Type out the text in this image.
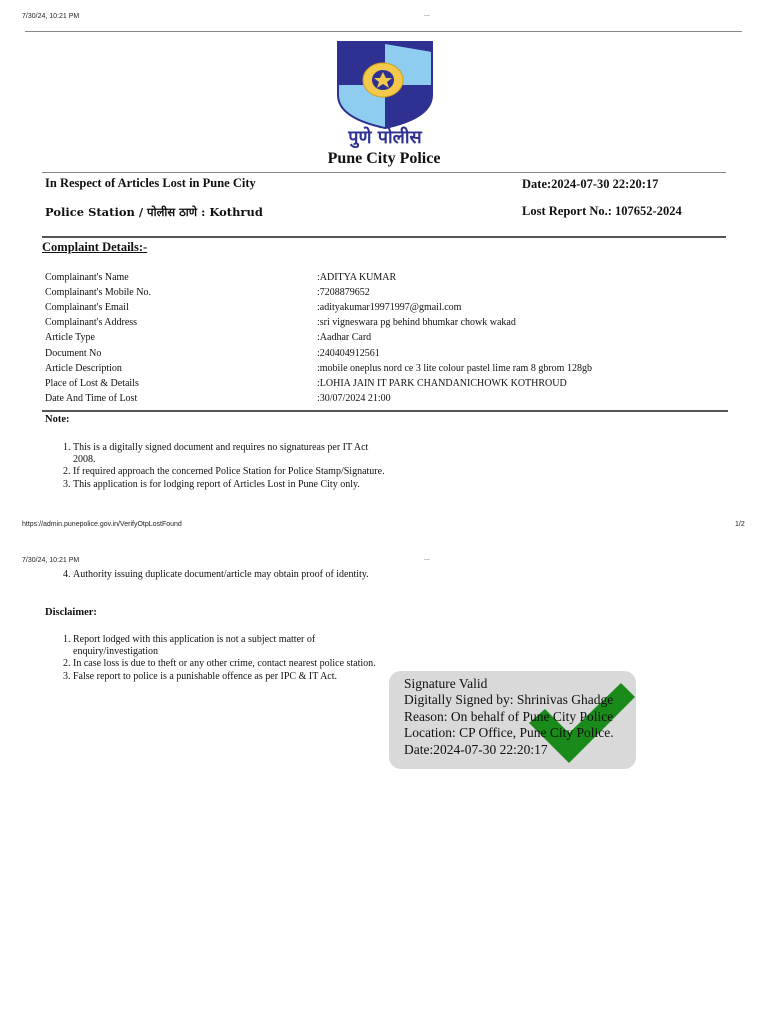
7/30/24, 10:21 PM	...
पुणे पोलीस
Pune City Police
In Respect of Articles Lost in Pune City	Date:2024-07-30 22:20:17
Police Station / पोलीस ठाणे : Kothrud	Lost Report No.: 107652-2024
Complaint Details:-
Complainant's Name	:ADITYA KUMAR
Complainant's Mobile No.	:7208879652
Complainant's Email	:adityakumar19971997@gmail.com
Complainant's Address	:sri vigneswara pg behind bhumkar chowk wakad
Article Type	:Aadhar Card
Document No	:240404912561
Article Description	:mobile oneplus nord ce 3 lite colour pastel lime ram 8 gbrom 128gb
Place of Lost & Details	:LOHIA JAIN IT PARK CHANDANICHOWK KOTHROUD
Date And Time of Lost	:30/07/2024 21:00
Note:
1. This is a digitally signed document and requires no signatureas per IT Act 2008.
2. If required approach the concerned Police Station for Police Stamp/Signature.
3. This application is for lodging report of Articles Lost in Pune City only.
https://admin.punepolice.gov.in/VerifyOtpLostFound	1/2
7/30/24, 10:21 PM	...
4. Authority issuing duplicate document/article may obtain proof of identity.
Disclaimer:
1. Report lodged with this application is not a subject matter of enquiry/investigation
2. In case loss is due to theft or any other crime, contact nearest police station.
3. False report to police is a punishable offence as per IPC & IT Act.	Signature Valid
Digitally Signed by: Shrinivas Ghadge
Reason: On behalf of Pune City Police
Location: CP Office, Pune City Police.
Date:2024-07-30 22:20:17
